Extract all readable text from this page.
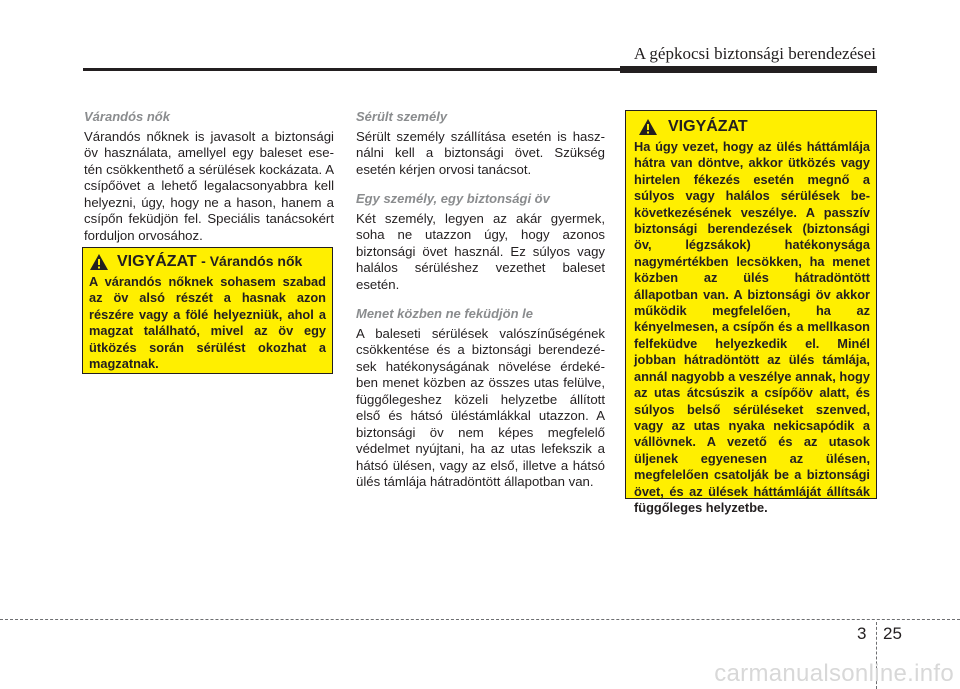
A gépkocsi biztonsági berendezései
Várandós nők

Várandós nőknek is javasolt a biztonsági öv használata, amellyel egy baleset esetén csökkenthető a sérülések kockázata. A csípőövet a lehető legalacsonyabbra kell helyezni, úgy, hogy ne a hason, hanem a csípőn feküdjön fel. Speciális tanácsokért forduljon orvosához.

VIGYÁZAT - Várandós nők

A várandós nőknek sohasem szabad az öv alsó részét a hasnak azon részére vagy a fölé helyezniük, ahol a magzat található, mivel az öv egy ütközés során sérülést okozhat a magzatnak.

Sérült személy

Sérült személy szállítása esetén is használni kell a biztonsági övet. Szükség esetén kérjen orvosi tanácsot.

Egy személy, egy biztonsági öv

Két személy, legyen az akár gyermek, soha ne utazzon úgy, hogy azonos biztonsági övet használ. Ez súlyos vagy halálos sérüléshez vezethet baleset esetén.

Menet közben ne feküdjön le

A baleseti sérülések valószínűségének csökkentése és a biztonsági berendezések hatékonyságának növelése érdekében menet közben az összes utas felülve, függőlegeshez közeli helyzetbe állított első és hátsó üléstámlákkal utazzon. A biztonsági öv nem képes megfelelő védelmet nyújtani, ha az utas lefekszik a hátsó ülésen, vagy az első, illetve a hátsó ülés támlája hátradöntött állapotban van.

VIGYÁZAT

Ha úgy vezet, hogy az ülés háttámlája hátra van döntve, akkor ütközés vagy hirtelen fékezés esetén megnő a súlyos vagy halálos sérülések bekövetkezésének veszélye. A passzív biztonsági berendezések (biztonsági öv, légzsákok) hatékonysága nagymértékben lecsökken, ha menet közben az ülés hátradöntött állapotban van. A biztonsági öv akkor működik megfelelően, ha az kényelmesen, a csípőn és a mellkason felfeküdve helyezkedik el. Minél jobban hátradöntött az ülés támlája, annál nagyobb a veszélye annak, hogy az utas átcsúszik a csípőöv alatt, és súlyos belső sérüléseket szenved, vagy az utas nyaka nekicsapódik a vállövnek. A vezető és az utasok üljenek egyenesen az ülésen, megfelelően csatolják be a biztonsági övet, és az ülések háttámláját állítsák függőleges helyzetbe.

3 25
carmanualsonline.info
